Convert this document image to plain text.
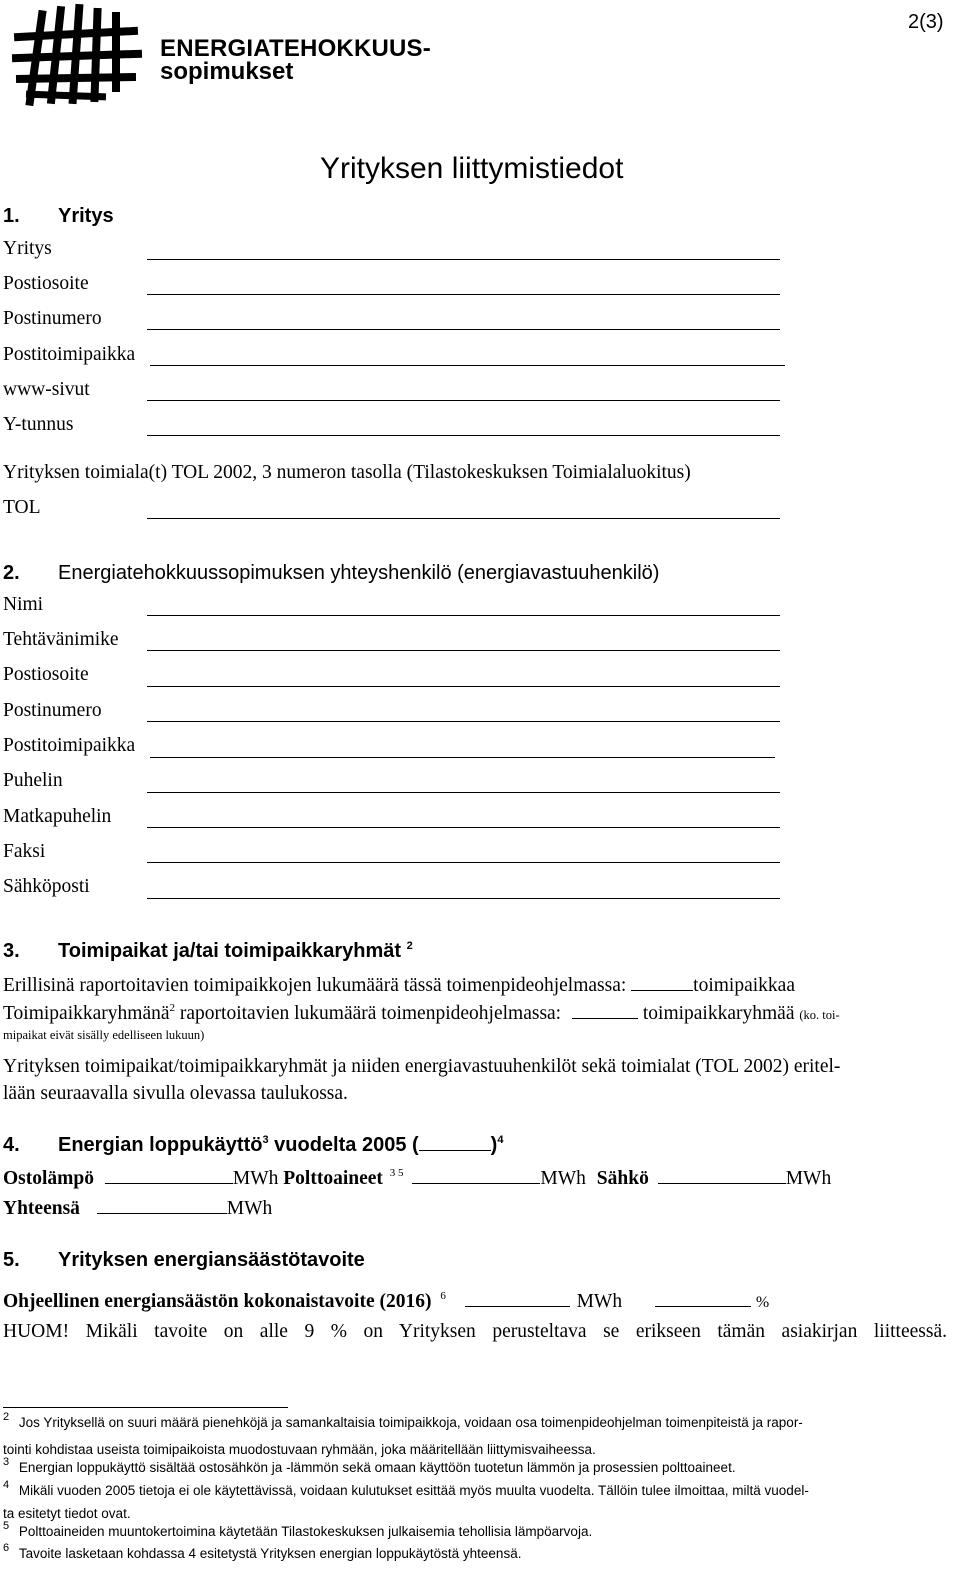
ENERGIATEHOKKUUS-
sopimukset
2(3)
Yrityksen liittymistiedot
1. Yritys
Yritys
Postiosoite
Postinumero
Postitoimipaikka
www-sivut
Y-tunnus
Yrityksen toimiala(t) TOL 2002, 3 numeron tasolla (Tilastokeskuksen Toimialaluokitus)
TOL
2. Energiatehokkuussopimuksen yhteyshenkilö (energiavastuuhenkilö)
Nimi
Tehtävänimike
Postiosoite
Postinumero
Postitoimipaikka
Puhelin
Matkapuhelin
Faksi
Sähköposti
3. Toimipaikat ja/tai toimipaikkaryhmät $^2$
Erillisinä raportoitavien toimipaikkojen lukumäärä tässä toimenpideohjelmassa:	toimipaikkaa
Toimipaikkaryhmänä$^2$ raportoitavien lukumäärä toimenpideohjelmassa:	toimipaikkaryhmää (ko. toi-
mipaikat eivät sisälly edelliseen lukuun)
Yrityksen toimipaikat/toimipaikkaryhmät ja niiden energiavastuuhenkilöt sekä toimialat (TOL 2002) eritel-
lään seuraavalla sivulla olevassa taulukossa.
4. Energian loppukäyttö$^3$ vuodelta 2005 (	)$^4$
Ostolämpö	MWh Polttoaineet $^{3 5}$	MWh Sähkö	MWh
Yhteensä	MWh
5. Yrityksen energiansäästötavoite
Ohjeellinen energiansäästön kokonaistavoite (2016) $^6$	MWh	%
HUOM! Mikäli tavoite on alle 9 % on Yrityksen perusteltava se erikseen tämän asiakirjan liitteessä.
$^2$ Jos Yrityksellä on suuri määrä pienehköjä ja samankaltaisia toimipaikkoja, voidaan osa toimenpideohjelman toimenpiteistä ja rapor-
tointi kohdistaa useista toimipaikoista muodostuvaan ryhmään, joka määritellään liittymisvaiheessa.
$^3$ Energian loppukäyttö sisältää ostosähkön ja -lämmön sekä omaan käyttöön tuotetun lämmön ja prosessien polttoaineet.
$^4$ Mikäli vuoden 2005 tietoja ei ole käytettävissä, voidaan kulutukset esittää myös muulta vuodelta. Tällöin tulee ilmoittaa, miltä vuodel-
ta esitetyt tiedot ovat.
$^5$ Polttoaineiden muuntokertoimina käytetään Tilastokeskuksen julkaisemia tehollisia lämpöarvoja.
$^6$ Tavoite lasketaan kohdassa 4 esitetystä Yrityksen energian loppukäytöstä yhteensä.
